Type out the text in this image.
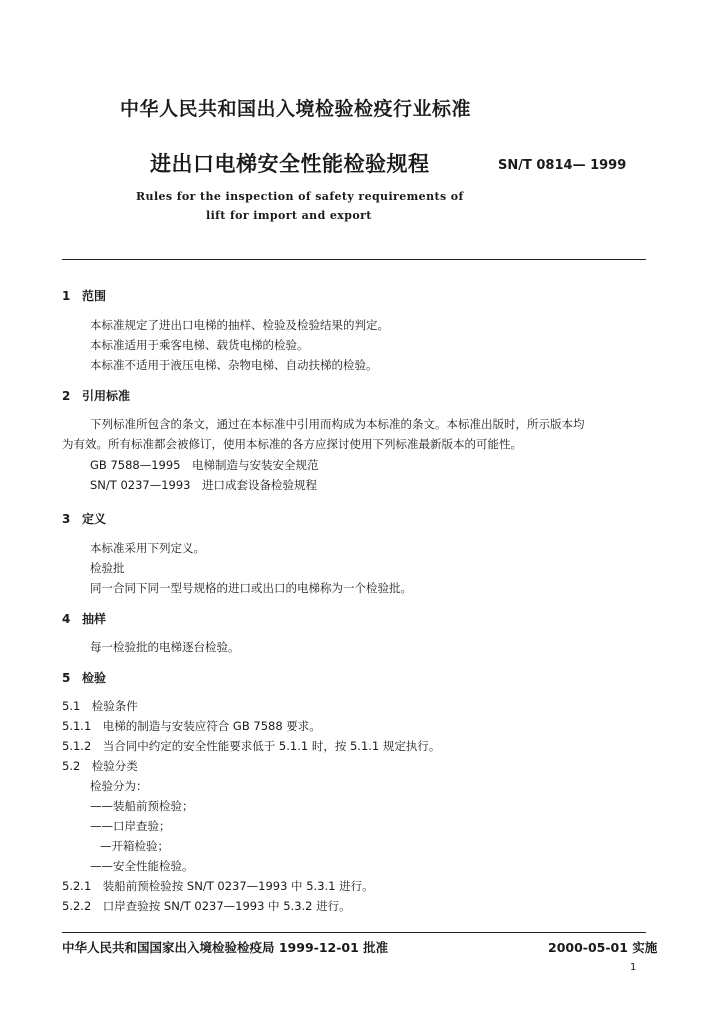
中华人民共和国出入境检验检疫行业标准
进出口电梯安全性能检验规程	SN/T 0814— 1999
Rules for the inspection of safety requirements of
lift for import and export
1 范围
本标准规定了进出口电梯的抽样、检验及检验结果的判定。
本标准适用于乘客电梯、载货电梯的检验。
本标准不适用于液压电梯、杂物电梯、自动扶梯的检验。
2 引用标准
下列标准所包含的条文，通过在本标准中引用而构成为本标准的条文。本标准出版时，所示版本均
为有效。所有标准都会被修订，使用本标准的各方应探讨使用下列标准最新版本的可能性。
GB 7588—1995　电梯制造与安装安全规范
SN/T 0237—1993　进口成套设备检验规程
3 定义
本标准采用下列定义。
检验批
同一合同下同一型号规格的进口或出口的电梯称为一个检验批。
4 抽样
每一检验批的电梯逐台检验。
5 检验
5.1　检验条件
5.1.1　电梯的制造与安装应符合 GB 7588 要求。
5.1.2　当合同中约定的安全性能要求低于 5.1.1 时，按 5.1.1 规定执行。
5.2　检验分类
检验分为：
——装船前预检验；
——口岸查验；
—开箱检验；
——安全性能检验。
5.2.1　装船前预检验按 SN/T 0237—1993 中 5.3.1 进行。
5.2.2　口岸查验按 SN/T 0237—1993 中 5.3.2 进行。
中华人民共和国国家出入境检验检疫局 1999-12-01 批准	2000-05-01 实施
1
